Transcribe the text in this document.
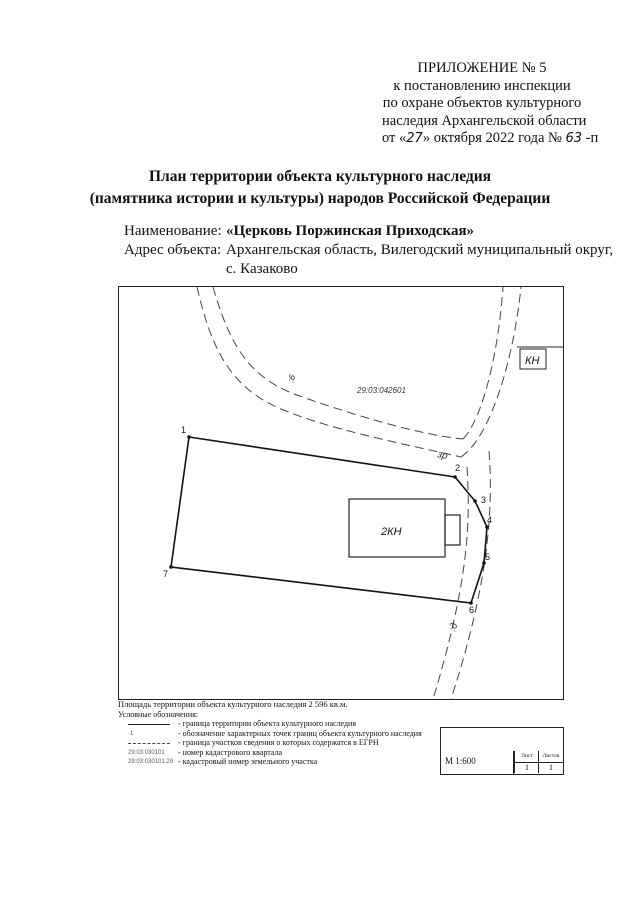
ПРИЛОЖЕНИЕ № 5
к постановлению инспекции
по охране объектов культурного
наследия Архангельской области
от «27» октября 2022 года № 63 -п
План территории объекта культурного наследия
(памятника истории и культуры) народов Российской Федерации
Наименование: «Церковь Поржинская Приходская»
Адрес объекта: Архангельская область, Вилегодский муниципальный округ,
с. Казаково
КН
29:03:042601
:6
зр
:д
2КН
1
2
3
4
5
6
7
Площадь территории объекта культурного наследия 2 596 кв.м.
Условные обозначения:
- граница территории объекта культурного наследия
·1	- обозначение характерных точек границ объекта культурного наследия
- граница участков сведения о которых содержатся в ЕГРН
29:03:030101 - номер кадастрового квартала
29:03:030101:29 - кадастровый номер земельного участка	М 1:600	Лист	Листов
1	1
